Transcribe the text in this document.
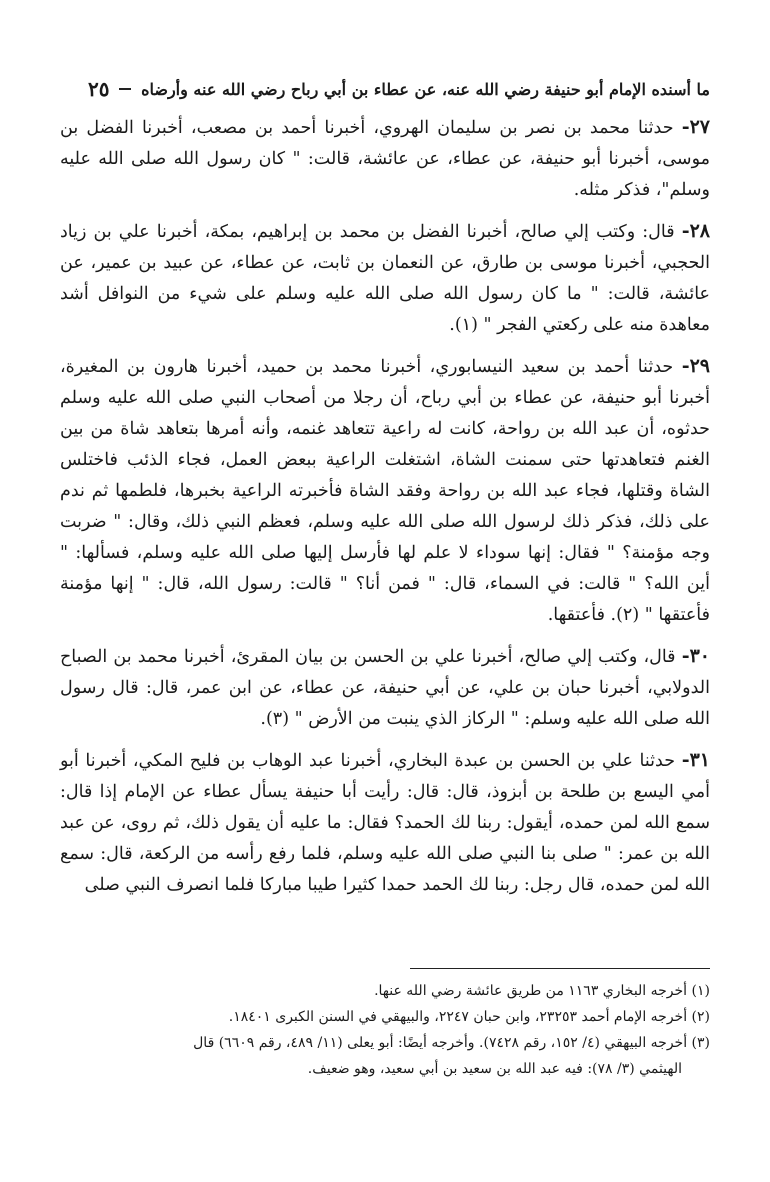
ما أسنده الإمام أبو حنيفة رضي الله عنه، عن عطاء بن أبي رباح رضي الله عنه وأرضاه
٢٥

٢٧- حدثنا محمد بن نصر بن سليمان الهروي، أخبرنا أحمد بن مصعب، أخبرنا الفضل بن موسى، أخبرنا أبو حنيفة، عن عطاء، عن عائشة، قالت: " كان رسول الله صلى الله عليه وسلم"، فذكر مثله.

٢٨- قال: وكتب إلي صالح، أخبرنا الفضل بن محمد بن إبراهيم، بمكة، أخبرنا علي بن زياد الحجبي، أخبرنا موسى بن طارق، عن النعمان بن ثابت، عن عطاء، عن عبيد بن عمير، عن عائشة، قالت: " ما كان رسول الله صلى الله عليه وسلم على شيء من النوافل أشد معاهدة منه على ركعتي الفجر " (١).

٢٩- حدثنا أحمد بن سعيد النيسابوري، أخبرنا محمد بن حميد، أخبرنا هارون بن المغيرة، أخبرنا أبو حنيفة، عن عطاء بن أبي رباح، أن رجلا من أصحاب النبي صلى الله عليه وسلم حدثوه، أن عبد الله بن رواحة، كانت له راعية تتعاهد غنمه، وأنه أمرها بتعاهد شاة من بين الغنم فتعاهدتها حتى سمنت الشاة، اشتغلت الراعية ببعض العمل، فجاء الذئب فاختلس الشاة وقتلها، فجاء عبد الله بن رواحة وفقد الشاة فأخبرته الراعية بخبرها، فلطمها ثم ندم على ذلك، فذكر ذلك لرسول الله صلى الله عليه وسلم، فعظم النبي ذلك، وقال: " ضربت وجه مؤمنة؟ " فقال: إنها سوداء لا علم لها فأرسل إليها صلى الله عليه وسلم، فسألها: " أين الله؟ " قالت: في السماء، قال: " فمن أنا؟ " قالت: رسول الله، قال: " إنها مؤمنة فأعتقها " (٢). فأعتقها.

٣٠- قال، وكتب إلي صالح، أخبرنا علي بن الحسن بن بيان المقرئ، أخبرنا محمد بن الصباح الدولابي، أخبرنا حبان بن علي، عن أبي حنيفة، عن عطاء، عن ابن عمر، قال: قال رسول الله صلى الله عليه وسلم: " الركاز الذي ينبت من الأرض " (٣).

٣١- حدثنا علي بن الحسن بن عبدة البخاري، أخبرنا عبد الوهاب بن فليح المكي، أخبرنا أبو أمي اليسع بن طلحة بن أبزوذ، قال: قال: رأيت أبا حنيفة يسأل عطاء عن الإمام إذا قال: سمع الله لمن حمده، أيقول: ربنا لك الحمد؟ فقال: ما عليه أن يقول ذلك، ثم روى، عن عبد الله بن عمر: " صلى بنا النبي صلى الله عليه وسلم، فلما رفع رأسه من الركعة، قال: سمع الله لمن حمده، قال رجل: ربنا لك الحمد حمدا كثيرا طيبا مباركا فلما انصرف النبي صلى

(١) أخرجه البخاري ١١٦٣ من طريق عائشة رضي الله عنها.

(٢) أخرجه الإمام أحمد ٢٣٢٥٣، وابن حبان ٢٢٤٧، والبيهقي في السنن الكبرى ١٨٤٠١.

(٣) أخرجه البيهقي (٤/ ١٥٢، رقم ٧٤٢٨). وأخرجه أيضًا: أبو يعلى (١١/ ٤٨٩، رقم ٦٦٠٩) قال

الهيثمي (٣/ ٧٨): فيه عبد الله بن سعيد بن أبي سعيد، وهو ضعيف.
